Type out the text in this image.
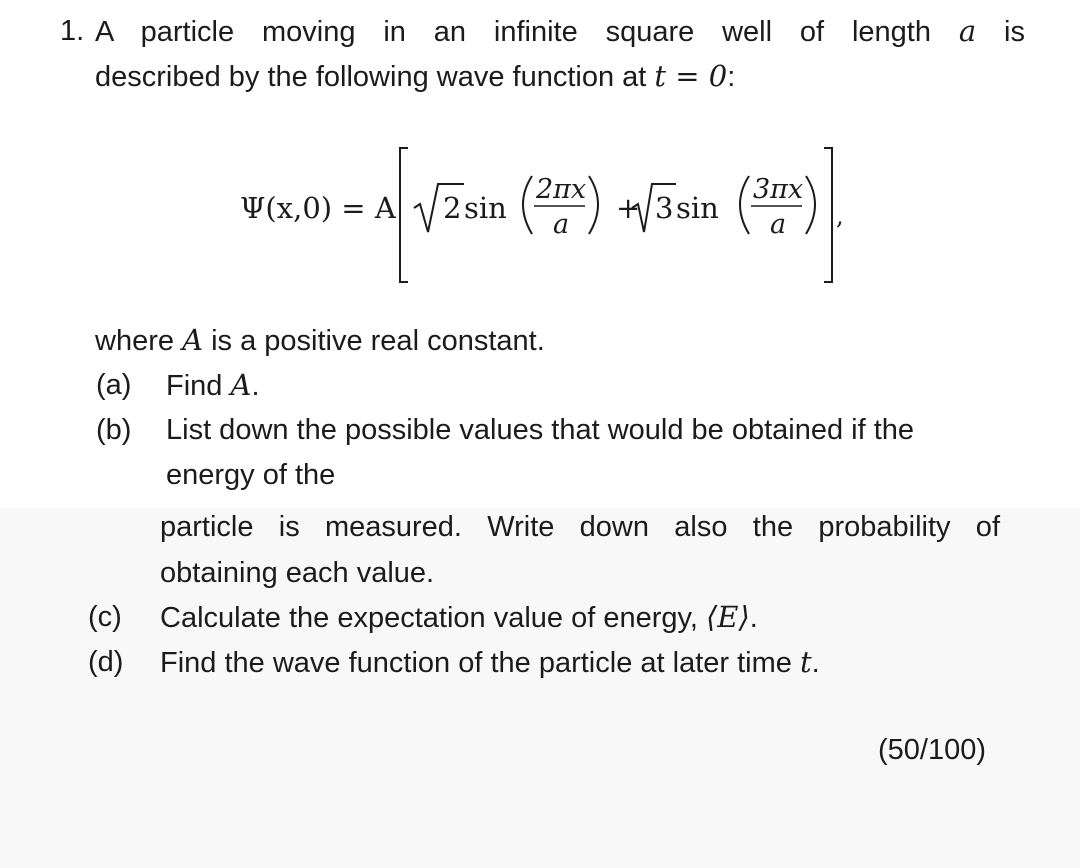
1. A particle moving in an infinite square well of length a is
described by the following wave function at t = 0:
Ψ(x,0) = A 2 sin
2πx
a + 3 sin
3πx
a ,
where A is a positive real constant.
(a) Find A.
(b) List down the possible values that would be obtained if the
energy of the
particle is measured. Write down also the probability of
obtaining each value.
(c) Calculate the expectation value of energy, ⟨E⟩.
(d) Find the wave function of the particle at later time t.
(50/100)
